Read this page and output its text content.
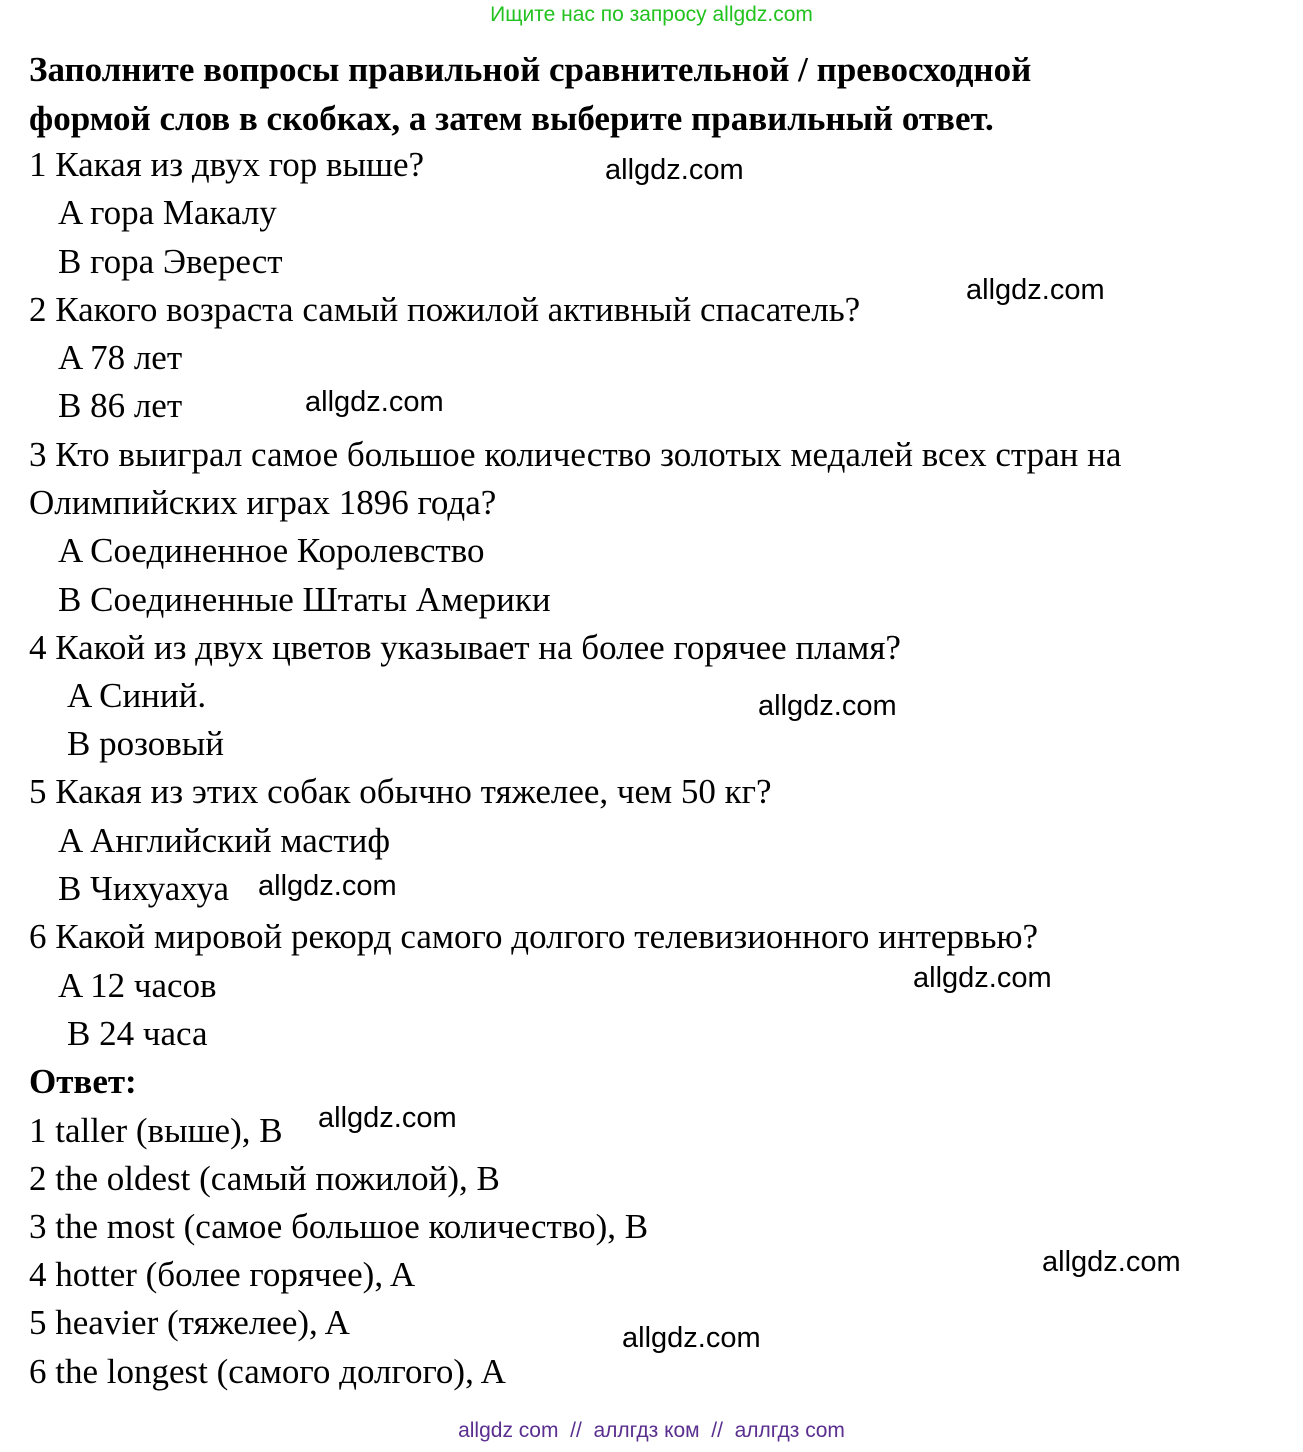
Ищите нас по запросу allgdz.com
Заполните вопросы правильной сравнительной / превосходной
формой слов в скобках, а затем выберите правильный ответ.
1 Какая из двух гор выше?
A гора Макалу
B гора Эверест
2 Какого возраста самый пожилой активный спасатель?
A 78 лет
B 86 лет
3 Кто выиграл самое большое количество золотых медалей всех стран на
Олимпийских играх 1896 года?
A Соединенное Королевство
B Соединенные Штаты Америки
4 Какой из двух цветов указывает на более горячее пламя?
A Синий.
B розовый
5 Какая из этих собак обычно тяжелее, чем 50 кг?
A Английский мастиф
B Чихуахуа
6 Какой мировой рекорд самого долгого телевизионного интервью?
A 12 часов
B 24 часа
Ответ:
1 taller (выше), B
2 the oldest (самый пожилой), B
3 the most (самое большое количество), B
4 hotter (более горячее), A
5 heavier (тяжелее), A
6 the longest (самого долгого), A
allgdz.com
allgdz.com
allgdz.com
allgdz.com
allgdz.com
allgdz.com
allgdz.com
allgdz.com
allgdz.com
allgdz com  //  аллгдз ком  //  аллгдз com
